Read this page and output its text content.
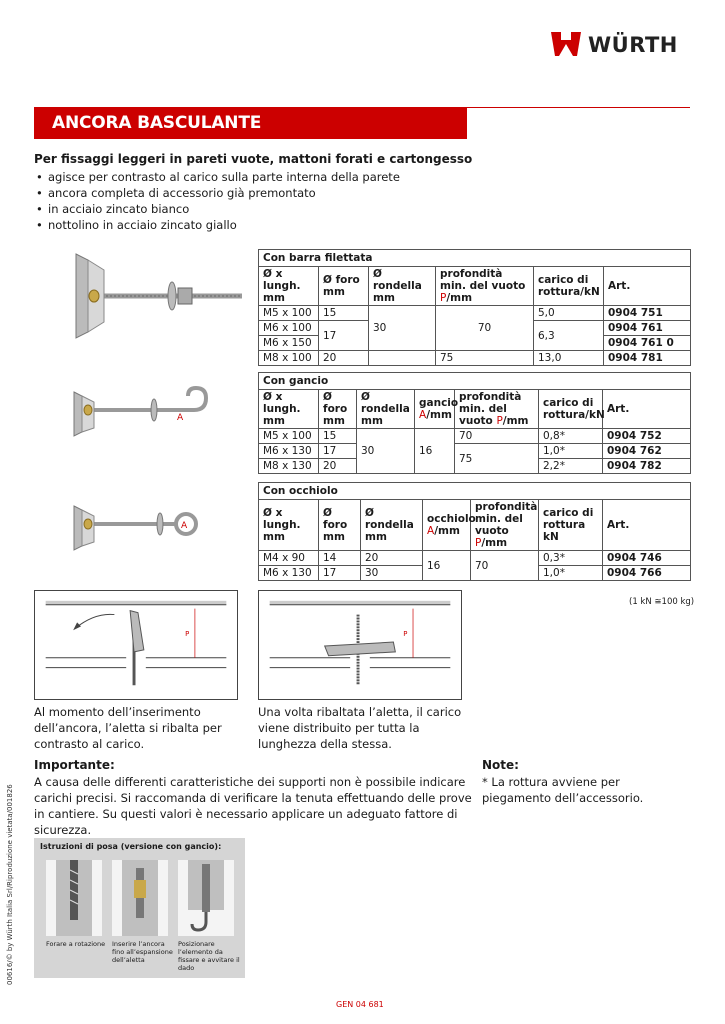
WÜRTH
ANCORA BASCULANTE
Per fissaggi leggeri in pareti vuote, mattoni forati e cartongesso
• agisce per contrasto al carico sulla parte interna della parete
• ancora completa di accessorio già premontato
• in acciaio zincato bianco
• nottolino in acciaio zincato giallo
A
A
Con barra filettata					
Ø x lungh. mm	Ø foro mm	Ø rondella mm	profondità min. del vuoto P/mm	carico di rottura/kN	Art.
M5 x 100	15	30	70	5,0	0904 751
M6 x 100	17			6,3	0904 761
M6 x 150					0904 761 0
M8 x 100	20		75	13,0	0904 781
Con gancio						
Ø x lungh. mm	Ø foro mm	Ø rondella mm	gancio A/mm	profondità min. del vuoto P/mm	carico di rottura/kN	Art.
M5 x 100	15	30	16	70	0,8*	0904 752
M6 x 130	17			75	1,0*	0904 762
M8 x 130	20				2,2*	0904 782
Con occhiolo						
Ø x lungh. mm	Ø foro mm	Ø rondella mm	occhiolo A/mm	profondità min. del vuoto P/mm	carico di rottura kN	Art.
M4 x 90	14	20	16	70	0,3*	0904 746
M6 x 130	17	30			1,0*	0904 766
(1 kN ≅100 kg)
P	P
Al momento dell’inserimento dell’ancora, l’aletta si ribalta per contrasto al carico.
Una volta ribaltata l’aletta, il carico viene distribuito per tutta la lunghezza della stessa.
Importante:

A causa delle differenti caratteristiche dei supporti non è possibile indicare carichi precisi. Si raccomanda di verificare la tenuta effettuando delle prove in cantiere. Su questi valori è necessario applicare un adeguato fattore di sicurezza.

Note:

* La rottura avviene per piegamento dell’accessorio.

Istruzioni di posa (versione con gancio):
Forare a rotazione	Inserire l’ancora fino all’espansione dell’aletta
Posizionare l’elemento da fissare e avvitare il dado
00616/© by Würth Italia Srl/Riproduzione vietata/001826
GEN 04 681
